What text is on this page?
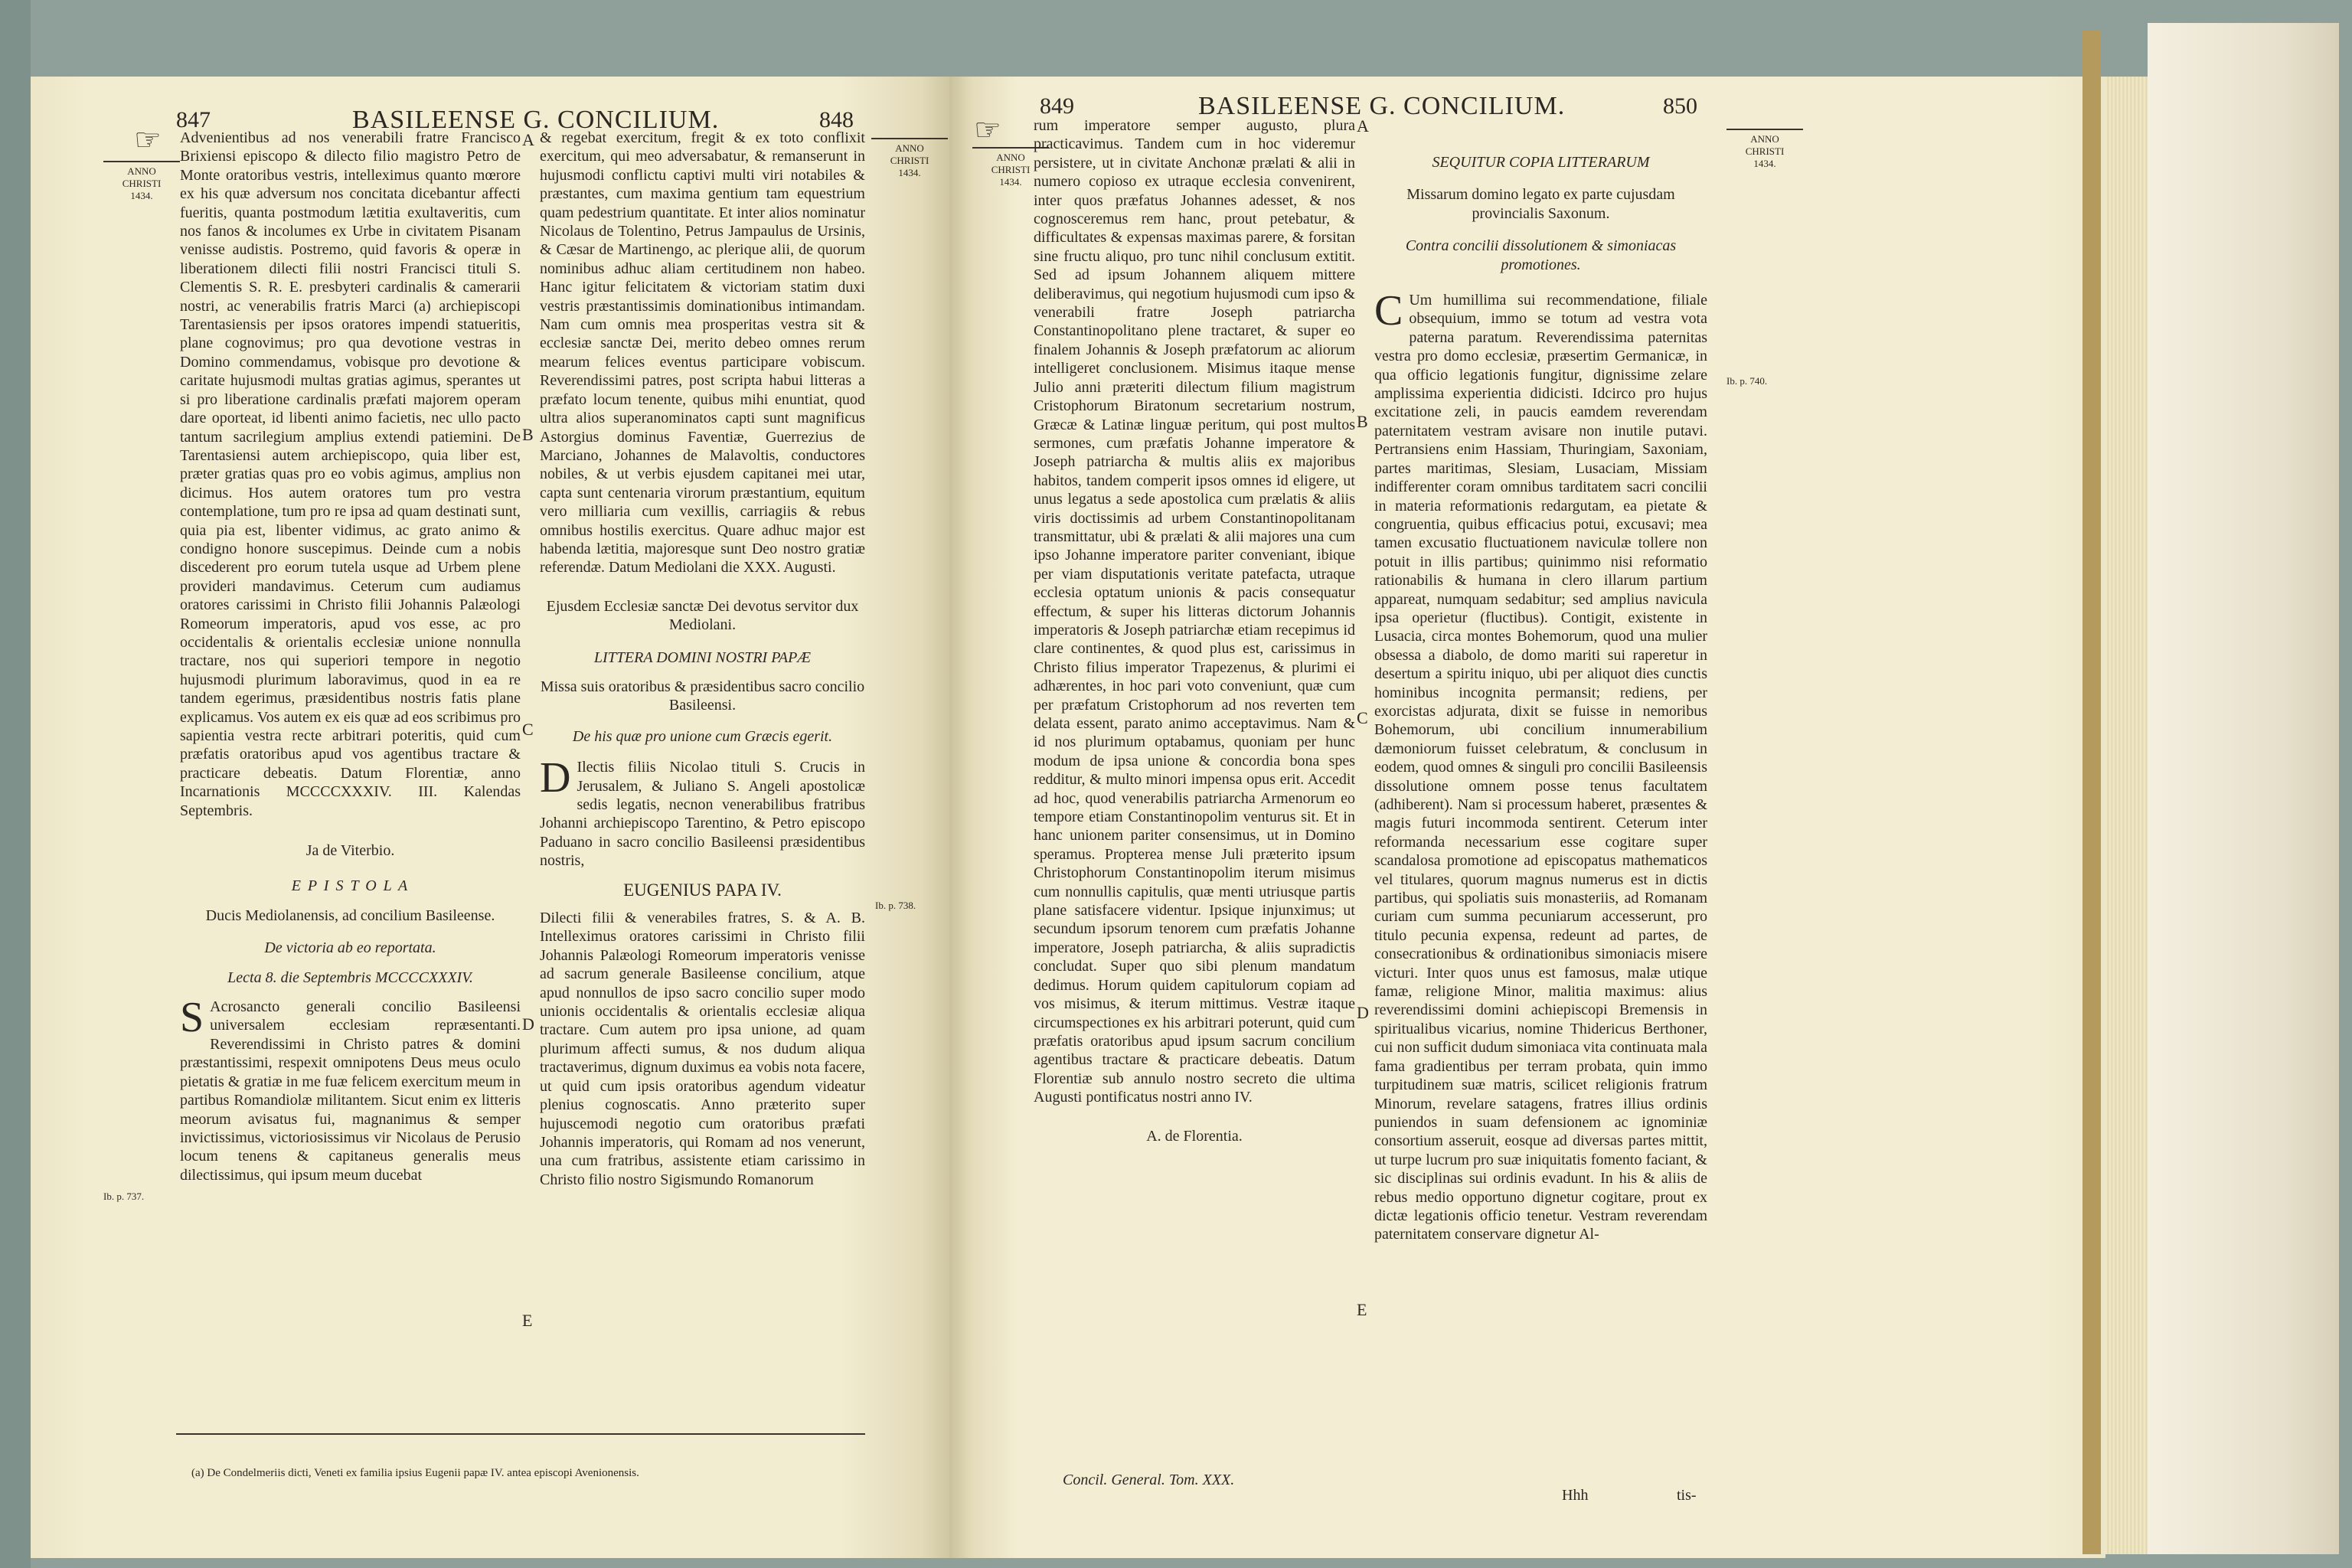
☞
847	BASILEENSE G. CONCILIUM.	848
ANNO
CHRISTI
1434.
ANNO
CHRISTI
1434.

Advenientibus ad nos venerabili fratre Francisco Brixiensi episcopo & dilecto filio magistro Petro de Monte oratoribus vestris, intelleximus quanto mœrore ex his quæ adversum nos concitata dicebantur affecti fueritis, quanta postmodum lætitia exultaveritis, cum nos fanos & incolumes ex Urbe in civitatem Pisanam venisse audistis. Postremo, quid favoris & operæ in liberationem dilecti filii nostri Francisci tituli S. Clementis S. R. E. presbyteri cardinalis & camerarii nostri, ac venerabilis fratris Marci (a) archiepiscopi Tarentasiensis per ipsos oratores impendi statueritis, plane cognovimus; pro qua devotione vestras in Domino commendamus, vobisque pro devotione & caritate hujusmodi multas gratias agimus, sperantes ut si pro liberatione cardinalis præfati majorem operam dare oporteat, id libenti animo facietis, nec ullo pacto tantum sacrilegium amplius extendi patiemini. De Tarentasiensi autem archiepiscopo, quia liber est, præter gratias quas pro eo vobis agimus, amplius non dicimus. Hos autem oratores tum pro vestra contemplatione, tum pro re ipsa ad quam destinati sunt, quia pia est, libenter vidimus, ac grato animo & condigno honore suscepimus. Deinde cum a nobis discederent pro eorum tutela usque ad Urbem plene provideri mandavimus. Ceterum cum audiamus oratores carissimi in Christo filii Johannis Palæologi Romeorum imperatoris, apud vos esse, ac pro occidentalis & orientalis ecclesiæ unione nonnulla tractare, nos qui superiori tempore in negotio hujusmodi plurimum laboravimus, quod in ea re tandem egerimus, præsidentibus nostris fatis plane explicamus. Vos autem ex eis quæ ad eos scribimus pro sapientia vestra recte arbitrari poteritis, quid cum præfatis oratoribus apud vos agentibus tractare & practicare debeatis. Datum Florentiæ, anno Incarnationis MCCCCXXXIV. III. Kalendas Septembris.

Ja de Viterbio.

E P I S T O L A

Ducis Mediolanensis, ad concilium Basileense.

De victoria ab eo reportata.

Lecta 8. die Septembris MCCCCXXXIV.

S Acrosancto generali concilio Basileensi universalem ecclesiam repræsentanti. Reverendissimi in Christo patres & domini præstantissimi, respexit omnipotens Deus meus oculo pietatis & gratiæ in me fuæ felicem exercitum meum in partibus Romandiolæ militantem. Sicut enim ex litteris meorum avisatus fui, magnanimus & semper invictissimus, victoriosissimus vir Nicolaus de Perusio locum tenens & capitaneus generalis meus dilectissimus, qui ipsum meum ducebat

Ib. p. 737.
A
B
C
D
E

& regebat exercitum, fregit & ex toto conflixit exercitum, qui meo adversabatur, & remanserunt in hujusmodi conflictu captivi multi viri notabiles & præstantes, cum maxima gentium tam equestrium quam pedestrium quantitate. Et inter alios nominatur Nicolaus de Tolentino, Petrus Jampaulus de Ursinis, & Cæsar de Martinengo, ac plerique alii, de quorum nominibus adhuc aliam certitudinem non habeo. Hanc igitur felicitatem & victoriam statim duxi vestris præstantissimis dominationibus intimandam. Nam cum omnis mea prosperitas vestra sit & ecclesiæ sanctæ Dei, merito debeo omnes rerum mearum felices eventus participare vobiscum. Reverendissimi patres, post scripta habui litteras a præfato locum tenente, quibus mihi enuntiat, quod ultra alios superanominatos capti sunt magnificus Astorgius dominus Faventiæ, Guerrezius de Marciano, Johannes de Malavoltis, conductores nobiles, & ut verbis ejusdem capitanei mei utar, capta sunt centenaria virorum præstantium, equitum vero milliaria cum vexillis, carriagiis & rebus omnibus hostilis exercitus. Quare adhuc major est habenda lætitia, majoresque sunt Deo nostro gratiæ referendæ. Datum Mediolani die XXX. Augusti.

Ejusdem Ecclesiæ sanctæ Dei devotus servitor dux Mediolani.

LITTERA DOMINI NOSTRI PAPÆ

Missa suis oratoribus & præsidentibus sacro concilio Basileensi.

De his quæ pro unione cum Græcis egerit.

D Ilectis filiis Nicolao tituli S. Crucis in Jerusalem, & Juliano S. Angeli apostolicæ sedis legatis, necnon venerabilibus fratribus Johanni archiepiscopo Tarentino, & Petro episcopo Paduano in sacro concilio Basileensi præsidentibus nostris,

EUGENIUS PAPA IV.

Dilecti filii & venerabiles fratres, S. & A. B. Intelleximus oratores carissimi in Christo filii Johannis Palæologi Romeorum imperatoris venisse ad sacrum generale Basileense concilium, atque apud nonnullos de ipso sacro concilio super modo unionis occidentalis & orientalis ecclesiæ aliqua tractare. Cum autem pro ipsa unione, ad quam plurimum affecti sumus, & nos dudum aliqua tractaverimus, dignum duximus ea vobis nota facere, ut quid cum ipsis oratoribus agendum videatur plenius cognoscatis. Anno præterito super hujuscemodi negotio cum oratoribus præfati Johannis imperatoris, qui Romam ad nos venerunt, una cum fratribus, assistente etiam carissimo in Christo filio nostro Sigismundo Romanorum

Ib. p. 738.
(a) De Condelmeriis dicti, Veneti ex familia ipsius Eugenii papæ IV. antea episcopi Avenionensis.
☞
849	BASILEENSE G. CONCILIUM.	850
ANNO
CHRISTI
1434.
ANNO
CHRISTI
1434.

rum imperatore semper augusto, plura practicavimus. Tandem cum in hoc videremur persistere, ut in civitate Anchonæ prælati & alii in numero copioso ex utraque ecclesia convenirent, inter quos præfatus Johannes adesset, & nos cognosceremus rem hanc, prout petebatur, & difficultates & expensas maximas parere, & forsitan sine fructu aliquo, pro tunc nihil conclusum extitit. Sed ad ipsum Johannem aliquem mittere deliberavimus, qui negotium hujusmodi cum ipso & venerabili fratre Joseph patriarcha Constantinopolitano plene tractaret, & super eo finalem Johannis & Joseph præfatorum ac aliorum intelligeret conclusionem. Misimus itaque mense Julio anni præteriti dilectum filium magistrum Cristophorum Biratonum secretarium nostrum, Græcæ & Latinæ linguæ peritum, qui post multos sermones, cum præfatis Johanne imperatore & Joseph patriarcha & multis aliis ex majoribus habitos, tandem comperit ipsos omnes id eligere, ut unus legatus a sede apostolica cum prælatis & aliis viris doctissimis ad urbem Constantinopolitanam transmittatur, ubi & prælati & alii majores una cum ipso Johanne imperatore pariter conveniant, ibique per viam disputationis veritate patefacta, utraque ecclesia optatum unionis & pacis consequatur effectum, & super his litteras dictorum Johannis imperatoris & Joseph patriarchæ etiam recepimus id clare continentes, & quod plus est, carissimus in Christo filius imperator Trapezenus, & plurimi ei adhærentes, in hoc pari voto conveniunt, quæ cum per præfatum Cristophorum ad nos reverten tem delata essent, parato animo acceptavimus. Nam & id nos plurimum optabamus, quoniam per hunc modum de ipsa unione & concordia bona spes redditur, & multo minori impensa opus erit. Accedit ad hoc, quod venerabilis patriarcha Armenorum eo tempore etiam Constantinopolim venturus sit. Et in hanc unionem pariter consensimus, ut in Domino speramus. Propterea mense Juli præterito ipsum Christophorum Constantinopolim iterum misimus cum nonnullis capitulis, quæ menti utriusque partis plane satisfacere videntur. Ipsique injunximus; ut secundum ipsorum tenorem cum præfatis Johanne imperatore, Joseph patriarcha, & aliis supradictis concludat. Super quo sibi plenum mandatum dedimus. Horum quidem capitulorum copiam ad vos misimus, & iterum mittimus. Vestræ itaque circumspectiones ex his arbitrari poterunt, quid cum præfatis oratoribus apud ipsum sacrum concilium agentibus tractare & practicare debeatis. Datum Florentiæ sub annulo nostro secreto die ultima Augusti pontificatus nostri anno IV.

A. de Florentia.

Concil. General. Tom. XXX.
A
B
C
D
E

SEQUITUR COPIA LITTERARUM

Missarum domino legato ex parte cujusdam provincialis Saxonum.

Contra concilii dissolutionem & simoniacas promotiones.

C Um humillima sui recommendatione, filiale obsequium, immo se totum ad vestra vota paterna paratum. Reverendissima paternitas vestra pro domo ecclesiæ, præsertim Germanicæ, in qua officio legationis fungitur, dignissime zelare amplissima experientia didicisti. Idcirco pro hujus excitatione zeli, in paucis eamdem reverendam paternitatem vestram avisare non inutile putavi. Pertransiens enim Hassiam, Thuringiam, Saxoniam, partes maritimas, Slesiam, Lusaciam, Missiam indifferenter coram omnibus tarditatem sacri concilii in materia reformationis redargutam, ea pietate & congruentia, quibus efficacius potui, excusavi; mea tamen excusatio fluctuationem naviculæ tollere non potuit in illis partibus; quinimmo nisi reformatio rationabilis & humana in clero illarum partium appareat, numquam sedabitur; sed amplius navicula ipsa operietur (fluctibus). Contigit, existente in Lusacia, circa montes Bohemorum, quod una mulier obsessa a diabolo, de domo mariti sui raperetur in desertum a spiritu iniquo, ubi per aliquot dies cunctis hominibus incognita permansit; rediens, per exorcistas adjurata, dixit se fuisse in nemoribus Bohemorum, ubi concilium innumerabilium dæmoniorum fuisset celebratum, & conclusum in eodem, quod omnes & singuli pro concilii Basileensis dissolutione omnem posse tenus facultatem (adhiberent). Nam si processum haberet, præsentes & magis futuri incommoda sentirent. Ceterum inter reformanda necessarium esse cogitare super scandalosa promotione ad episcopatus mathematicos vel titulares, quorum magnus numerus est in dictis partibus, qui spoliatis suis monasteriis, ad Romanam curiam cum summa pecuniarum accesserunt, pro titulo pecunia expensa, redeunt ad partes, de consecrationibus & ordinationibus simoniacis misere victuri. Inter quos unus est famosus, malæ utique famæ, religione Minor, malitia maximus: alius reverendissimi domini achiepiscopi Bremensis in spiritualibus vicarius, nomine Thidericus Berthoner, cui non sufficit dudum simoniaca vita continuata mala fama gradientibus per terram probata, quin immo turpitudinem suæ matris, scilicet religionis fratrum Minorum, revelare satagens, fratres illius ordinis puniendos in suam defensionem ac ignominiæ consortium asseruit, eosque ad diversas partes mittit, ut turpe lucrum pro suæ iniquitatis fomento faciant, & sic disciplinas sui ordinis evadunt. In his & aliis de rebus medio opportuno dignetur cogitare, prout ex dictæ legationis officio tenetur. Vestram reverendam paternitatem conservare dignetur Al-

Ib. p. 740.
Hhh	tis-
